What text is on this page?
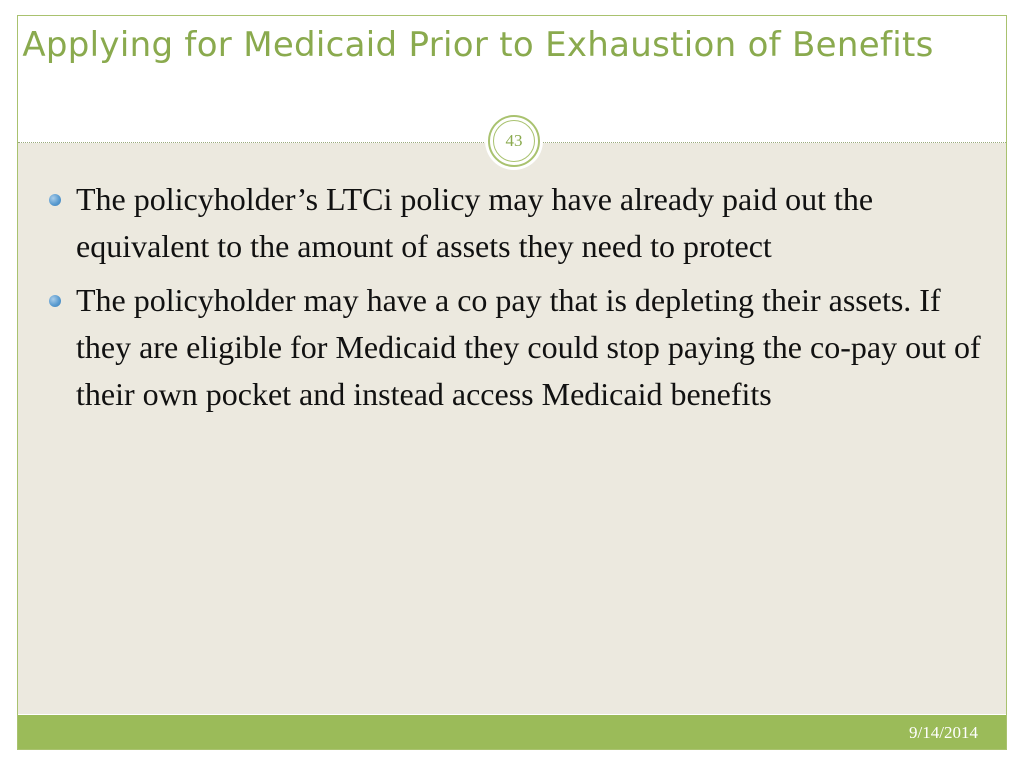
Applying for Medicaid Prior to Exhaustion of Benefits
43
The policyholder’s LTCi policy may have already paid out the equivalent to the amount of assets they need to protect
The policyholder may have a co pay that is depleting their assets. If they are eligible for Medicaid they could stop paying the co-pay out of their own pocket and instead access Medicaid benefits
9/14/2014
